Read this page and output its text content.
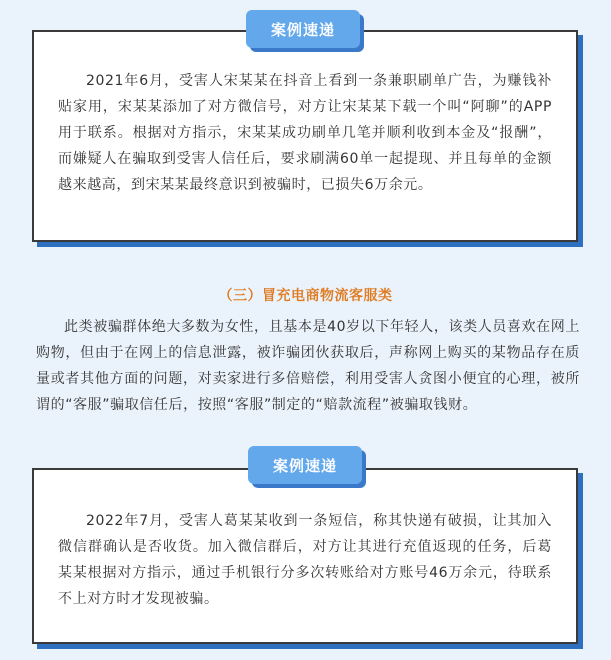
案例速递

2021年6月，受害人宋某某在抖音上看到一条兼职刷单广告，为赚钱补贴家用，宋某某添加了对方微信号，对方让宋某某下载一个叫“阿聊”的APP用于联系。根据对方指示，宋某某成功刷单几笔并顺利收到本金及“报酬”，而嫌疑人在骗取到受害人信任后，要求刷满60单一起提现、并且每单的金额越来越高，到宋某某最终意识到被骗时，已损失6万余元。

（三）冒充电商物流客服类

此类被骗群体绝大多数为女性，且基本是40岁以下年轻人，该类人员喜欢在网上购物，但由于在网上的信息泄露，被诈骗团伙获取后，声称网上购买的某物品存在质量或者其他方面的问题，对卖家进行多倍赔偿，利用受害人贪图小便宜的心理，被所谓的“客服”骗取信任后，按照“客服”制定的“赔款流程”被骗取钱财。

案例速递

2022年7月，受害人葛某某收到一条短信，称其快递有破损，让其加入微信群确认是否收货。加入微信群后，对方让其进行充值返现的任务，后葛某某根据对方指示，通过手机银行分多次转账给对方账号46万余元，待联系不上对方时才发现被骗。
